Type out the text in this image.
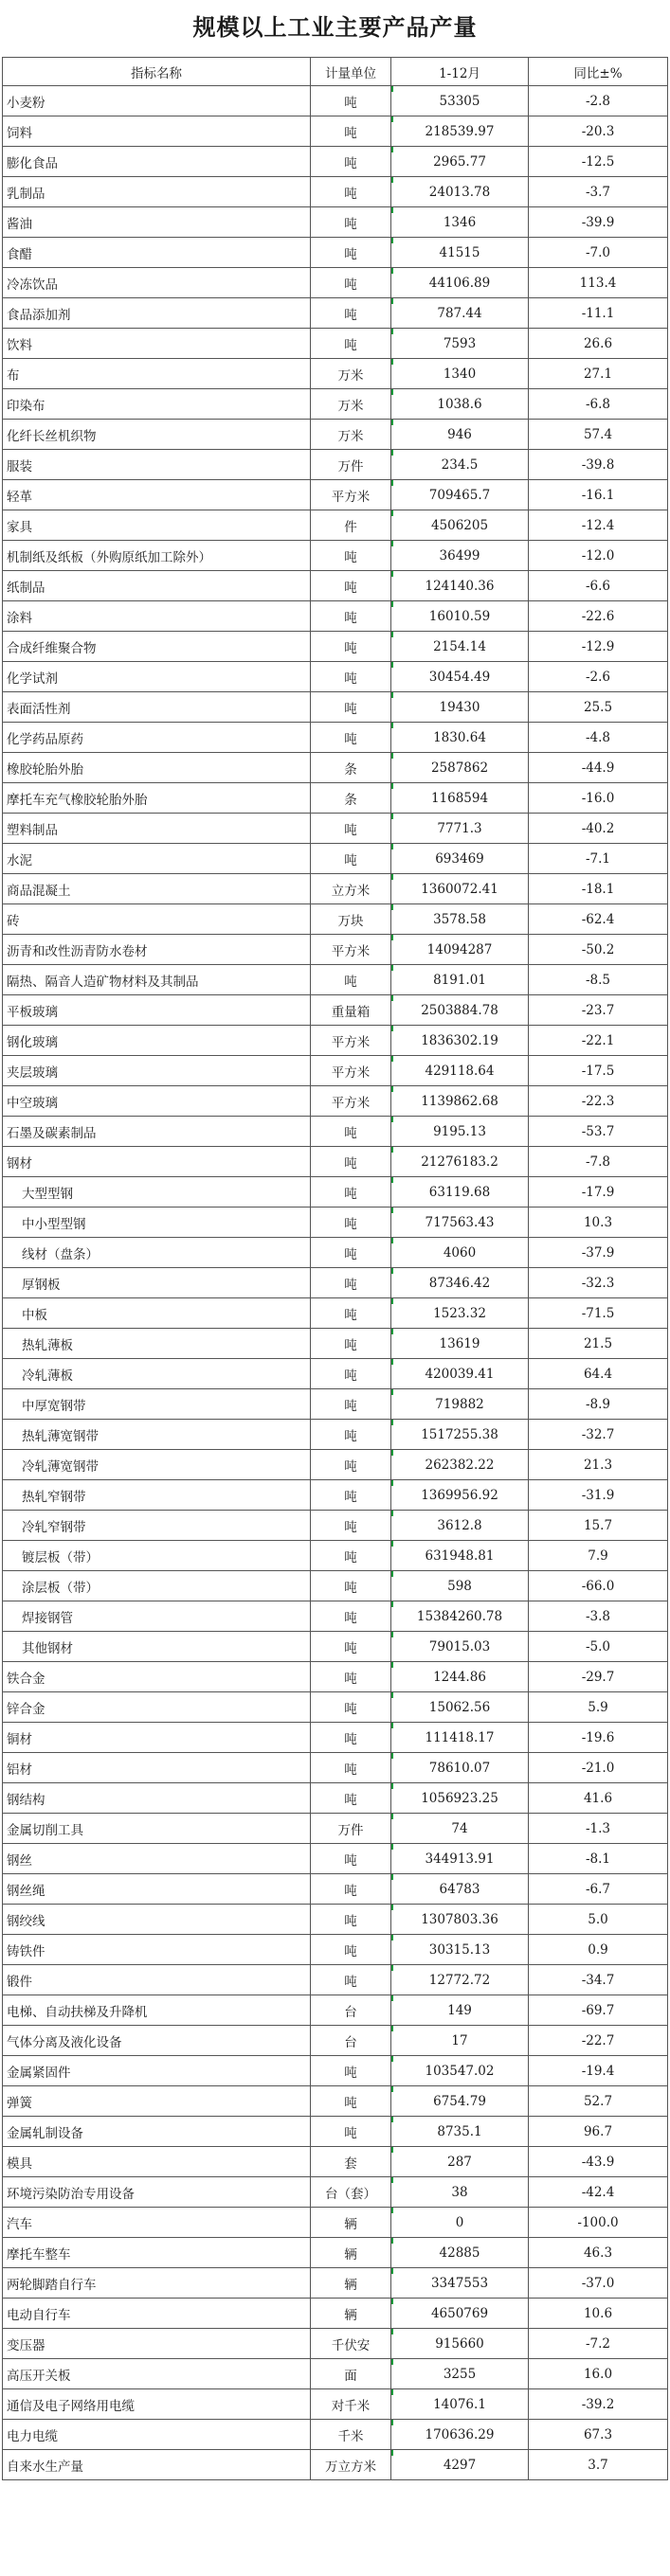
规模以上工业主要产品产量
指标名称	计量单位	1-12月	同比±%
小麦粉	吨	53305	-2.8
饲料	吨	218539.97	-20.3
膨化食品	吨	2965.77	-12.5
乳制品	吨	24013.78	-3.7
酱油	吨	1346	-39.9
食醋	吨	41515	-7.0
冷冻饮品	吨	44106.89	113.4
食品添加剂	吨	787.44	-11.1
饮料	吨	7593	26.6
布	万米	1340	27.1
印染布	万米	1038.6	-6.8
化纤长丝机织物	万米	946	57.4
服装	万件	234.5	-39.8
轻革	平方米	709465.7	-16.1
家具	件	4506205	-12.4
机制纸及纸板（外购原纸加工除外）	吨	36499	-12.0
纸制品	吨	124140.36	-6.6
涂料	吨	16010.59	-22.6
合成纤维聚合物	吨	2154.14	-12.9
化学试剂	吨	30454.49	-2.6
表面活性剂	吨	19430	25.5
化学药品原药	吨	1830.64	-4.8
橡胶轮胎外胎	条	2587862	-44.9
摩托车充气橡胶轮胎外胎	条	1168594	-16.0
塑料制品	吨	7771.3	-40.2
水泥	吨	693469	-7.1
商品混凝土	立方米	1360072.41	-18.1
砖	万块	3578.58	-62.4
沥青和改性沥青防水卷材	平方米	14094287	-50.2
隔热、隔音人造矿物材料及其制品	吨	8191.01	-8.5
平板玻璃	重量箱	2503884.78	-23.7
钢化玻璃	平方米	1836302.19	-22.1
夹层玻璃	平方米	429118.64	-17.5
中空玻璃	平方米	1139862.68	-22.3
石墨及碳素制品	吨	9195.13	-53.7
钢材	吨	21276183.2	-7.8
大型型钢	吨	63119.68	-17.9
中小型型钢	吨	717563.43	10.3
线材（盘条）	吨	4060	-37.9
厚钢板	吨	87346.42	-32.3
中板	吨	1523.32	-71.5
热轧薄板	吨	13619	21.5
冷轧薄板	吨	420039.41	64.4
中厚宽钢带	吨	719882	-8.9
热轧薄宽钢带	吨	1517255.38	-32.7
冷轧薄宽钢带	吨	262382.22	21.3
热轧窄钢带	吨	1369956.92	-31.9
冷轧窄钢带	吨	3612.8	15.7
镀层板（带）	吨	631948.81	7.9
涂层板（带）	吨	598	-66.0
焊接钢管	吨	15384260.78	-3.8
其他钢材	吨	79015.03	-5.0
铁合金	吨	1244.86	-29.7
锌合金	吨	15062.56	5.9
铜材	吨	111418.17	-19.6
铝材	吨	78610.07	-21.0
钢结构	吨	1056923.25	41.6
金属切削工具	万件	74	-1.3
钢丝	吨	344913.91	-8.1
钢丝绳	吨	64783	-6.7
钢绞线	吨	1307803.36	5.0
铸铁件	吨	30315.13	0.9
锻件	吨	12772.72	-34.7
电梯、自动扶梯及升降机	台	149	-69.7
气体分离及液化设备	台	17	-22.7
金属紧固件	吨	103547.02	-19.4
弹簧	吨	6754.79	52.7
金属轧制设备	吨	8735.1	96.7
模具	套	287	-43.9
环境污染防治专用设备	台（套）	38	-42.4
汽车	辆	0	-100.0
摩托车整车	辆	42885	46.3
两轮脚踏自行车	辆	3347553	-37.0
电动自行车	辆	4650769	10.6
变压器	千伏安	915660	-7.2
高压开关板	面	3255	16.0
通信及电子网络用电缆	对千米	14076.1	-39.2
电力电缆	千米	170636.29	67.3
自来水生产量	万立方米	4297	3.7
